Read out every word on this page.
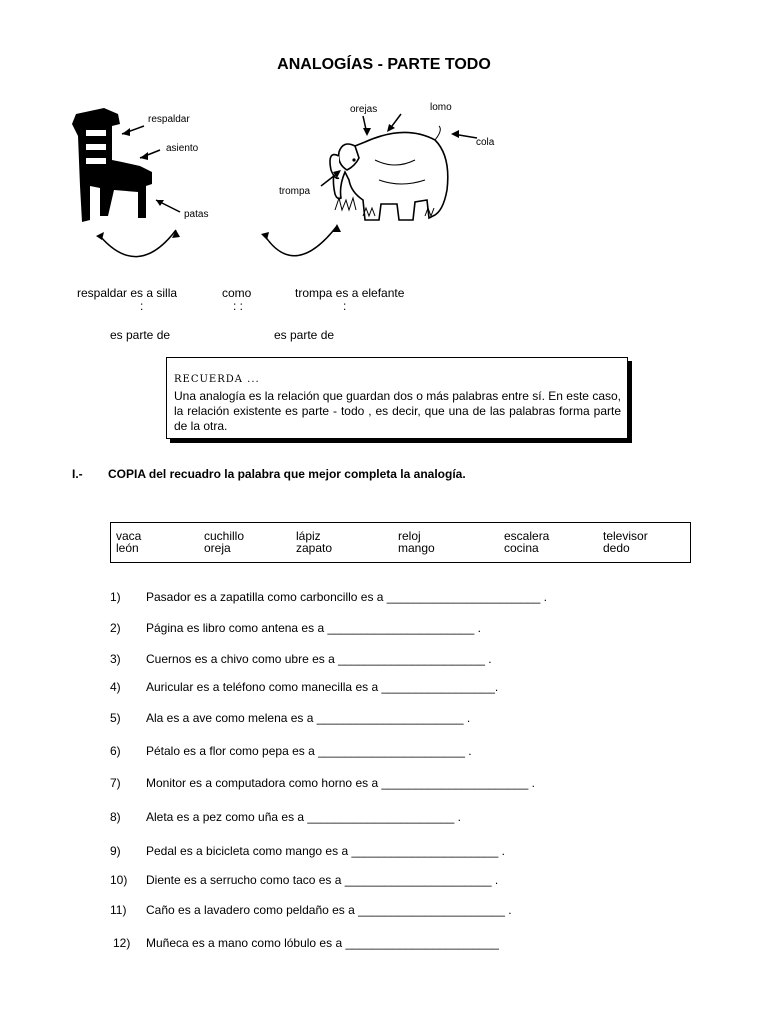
ANALOGÍAS - PARTE TODO
respaldar
asiento
patas
orejas	lomo
cola
trompa
respaldar es a silla	como	trompa es a elefante
:	: :	:
es parte de	es parte de
RECUERDA ...
Una analogía es la relación que guardan dos o más palabras entre sí. En este caso, la relación existente es parte - todo , es decir, que una de las palabras forma parte de la otra.
I.- COPIA del recuadro la palabra que mejor completa la analogía.
vaca	cuchillo	lápiz	reloj	escalera	televisor
león	oreja	zapato	mango	cocina	dedo
1) Pasador es a zapatilla como carboncillo es a _______________________ .
2) Página es libro como antena es a ______________________ .
3) Cuernos es a chivo como ubre es a ______________________ .
4) Auricular es a teléfono como manecilla es a _________________.
5) Ala es a ave como melena es a ______________________ .
6) Pétalo es a flor como pepa es a ______________________ .
7) Monitor es a computadora como horno es a ______________________ .
8) Aleta es a pez como uña es a ______________________ .
9) Pedal es a bicicleta como mango es a ______________________ .
10) Diente es a serrucho como taco es a ______________________ .
11) Caño es a lavadero como peldaño es a ______________________ .
12) Muñeca es a mano como lóbulo es a _______________________
